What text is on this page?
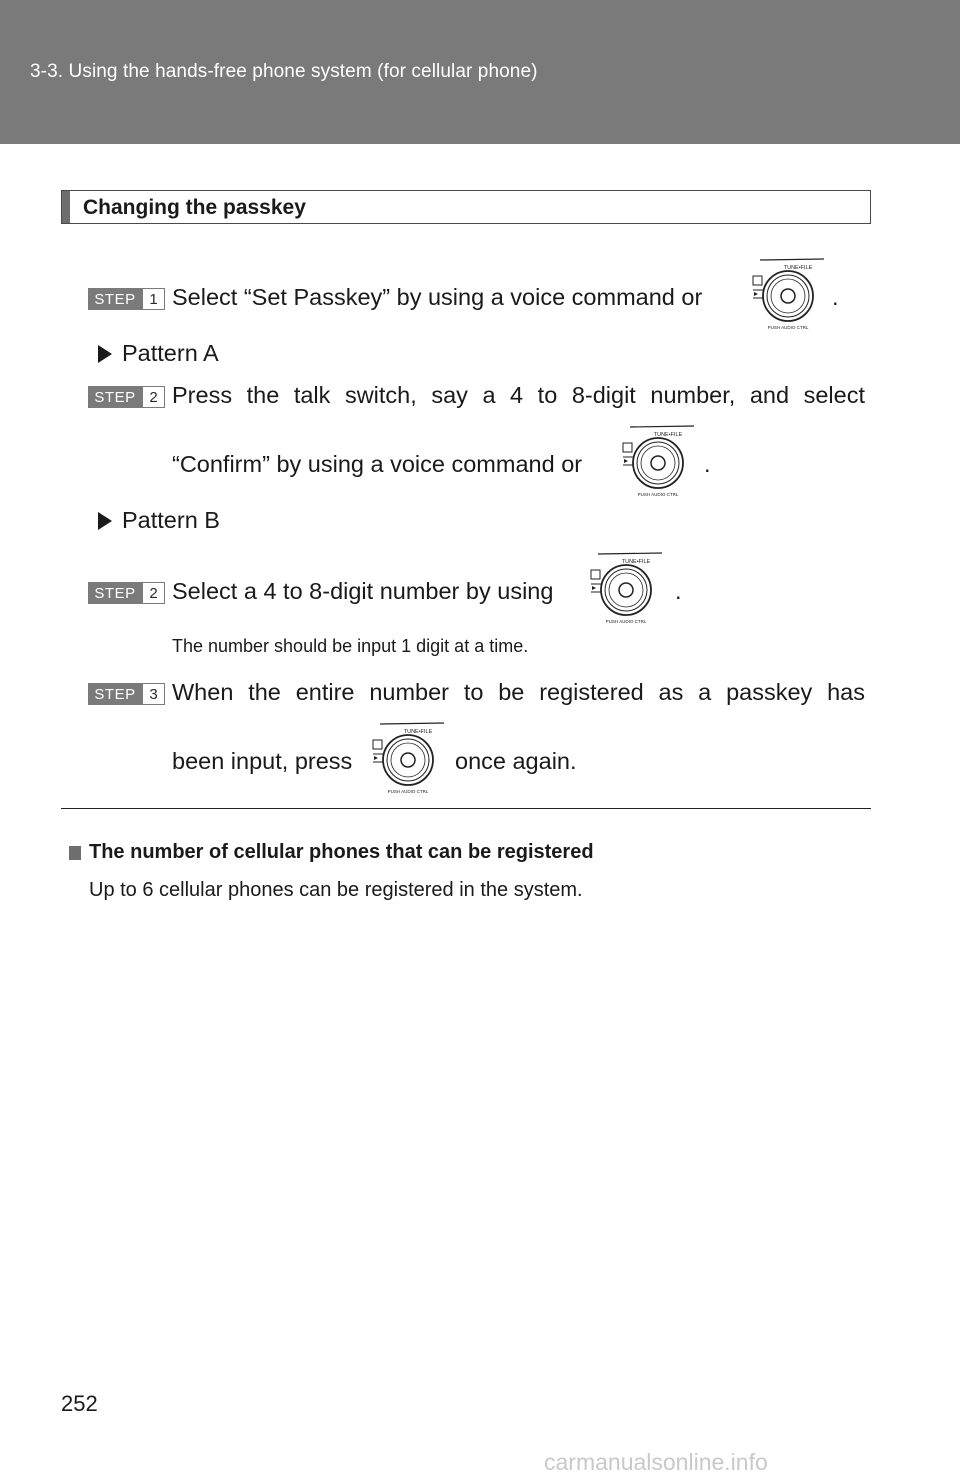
3-3. Using the hands-free phone system (for cellular phone)
Changing the passkey
STEP 1 Select “Set Passkey” by using a voice command or	.
Pattern A
STEP 2 Press the talk switch, say a 4 to 8-digit number, and select
“Confirm” by using a voice command or	.
Pattern B
STEP 2 Select a 4 to 8-digit number by using	.
The number should be input 1 digit at a time.
STEP 3 When the entire number to be registered as a passkey has
been input, press	once again.
The number of cellular phones that can be registered
Up to 6 cellular phones can be registered in the system.
252
carmanualsonline.info
